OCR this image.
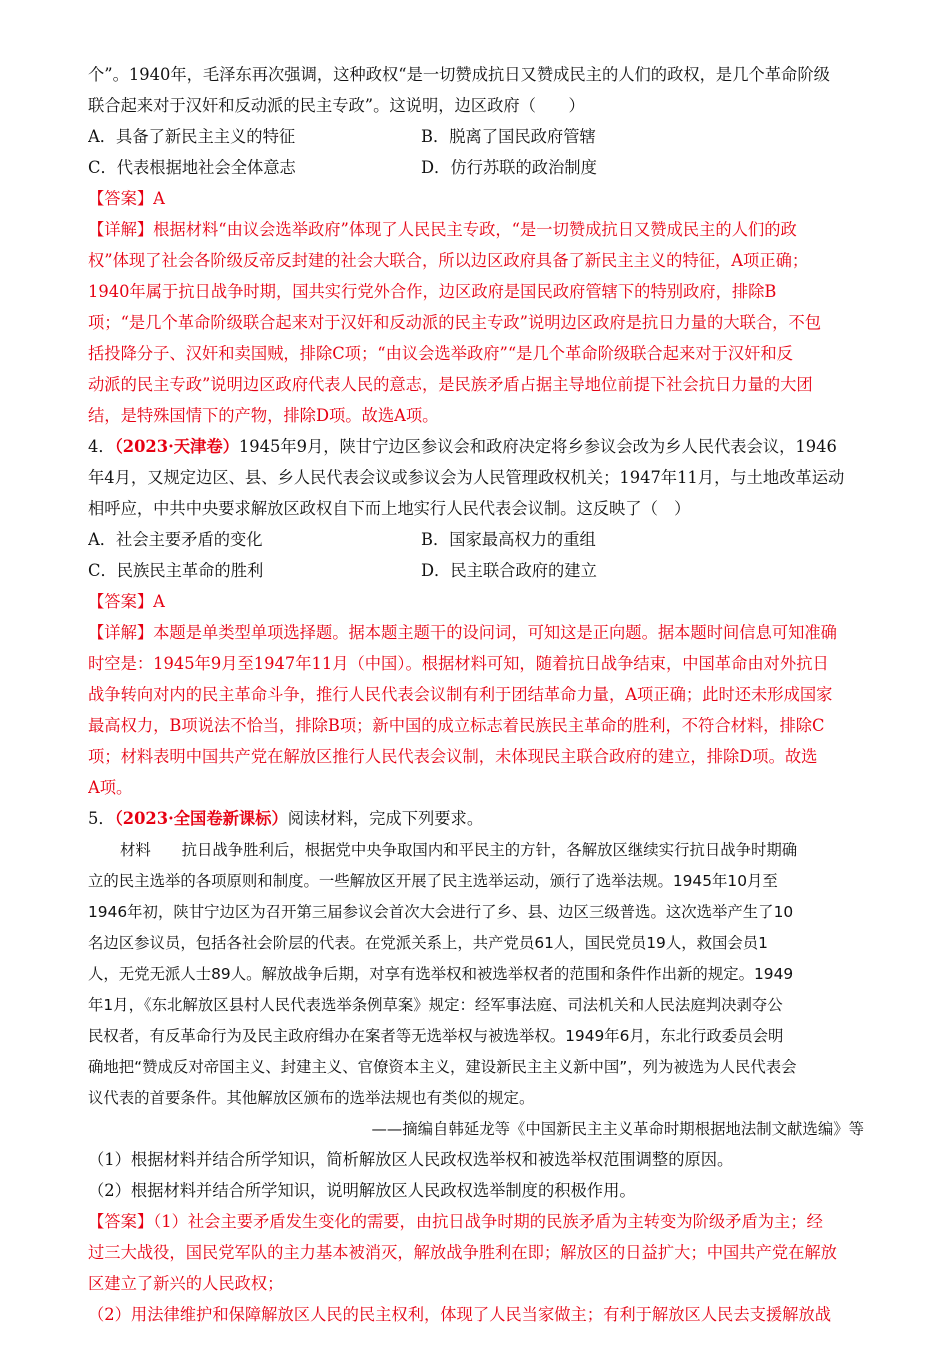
个”。1940年，毛泽东再次强调，这种政权“是一切赞成抗日又赞成民主的人们的政权，是几个革命阶级
联合起来对于汉奸和反动派的民主专政”。这说明，边区政府（　　）
A．具备了新民主主义的特征	B．脱离了国民政府管辖
C．代表根据地社会全体意志	D．仿行苏联的政治制度
【答案】A
【详解】根据材料“由议会选举政府”体现了人民民主专政，“是一切赞成抗日又赞成民主的人们的政
权”体现了社会各阶级反帝反封建的社会大联合，所以边区政府具备了新民主主义的特征，A项正确；
1940年属于抗日战争时期，国共实行党外合作，边区政府是国民政府管辖下的特别政府，排除B
项；“是几个革命阶级联合起来对于汉奸和反动派的民主专政”说明边区政府是抗日力量的大联合，不包
括投降分子、汉奸和卖国贼，排除C项；“由议会选举政府”“是几个革命阶级联合起来对于汉奸和反
动派的民主专政”说明边区政府代表人民的意志，是民族矛盾占据主导地位前提下社会抗日力量的大团
结，是特殊国情下的产物，排除D项。故选A项。
4．（2023·天津卷）1945年9月，陕甘宁边区参议会和政府决定将乡参议会改为乡人民代表会议，1946
年4月，又规定边区、县、乡人民代表会议或参议会为人民管理政权机关；1947年11月，与土地改革运动
相呼应，中共中央要求解放区政权自下而上地实行人民代表会议制。这反映了（　）
A．社会主要矛盾的变化	B．国家最高权力的重组
C．民族民主革命的胜利	D．民主联合政府的建立
【答案】A
【详解】本题是单类型单项选择题。据本题主题干的设问词，可知这是正向题。据本题时间信息可知准确
时空是：1945年9月至1947年11月（中国）。根据材料可知，随着抗日战争结束，中国革命由对外抗日
战争转向对内的民主革命斗争，推行人民代表会议制有利于团结革命力量，A项正确；此时还未形成国家
最高权力，B项说法不恰当，排除B项；新中国的成立标志着民族民主革命的胜利，不符合材料，排除C
项；材料表明中国共产党在解放区推行人民代表会议制，未体现民主联合政府的建立，排除D项。故选
A项。
5．（2023·全国卷新课标）阅读材料，完成下列要求。
材料　　抗日战争胜利后，根据党中央争取国内和平民主的方针，各解放区继续实行抗日战争时期确
立的民主选举的各项原则和制度。一些解放区开展了民主选举运动，颁行了选举法规。1945年10月至
1946年初，陕甘宁边区为召开第三届参议会首次大会进行了乡、县、边区三级普选。这次选举产生了10
名边区参议员，包括各社会阶层的代表。在党派关系上，共产党员61人，国民党员19人，救国会员1
人，无党无派人士89人。解放战争后期，对享有选举权和被选举权者的范围和条件作出新的规定。1949
年1月，《东北解放区县村人民代表选举条例草案》规定：经军事法庭、司法机关和人民法庭判决剥夺公
民权者，有反革命行为及民主政府缉办在案者等无选举权与被选举权。1949年6月，东北行政委员会明
确地把“赞成反对帝国主义、封建主义、官僚资本主义，建设新民主主义新中国”，列为被选为人民代表会
议代表的首要条件。其他解放区颁布的选举法规也有类似的规定。
——摘编自韩延龙等《中国新民主主义革命时期根据地法制文献选编》等
（1）根据材料并结合所学知识，简析解放区人民政权选举权和被选举权范围调整的原因。
（2）根据材料并结合所学知识，说明解放区人民政权选举制度的积极作用。
【答案】（1）社会主要矛盾发生变化的需要，由抗日战争时期的民族矛盾为主转变为阶级矛盾为主；经
过三大战役，国民党军队的主力基本被消灭，解放战争胜利在即；解放区的日益扩大；中国共产党在解放
区建立了新兴的人民政权；
（2）用法律维护和保障解放区人民的民主权利，体现了人民当家做主；有利于解放区人民去支援解放战
